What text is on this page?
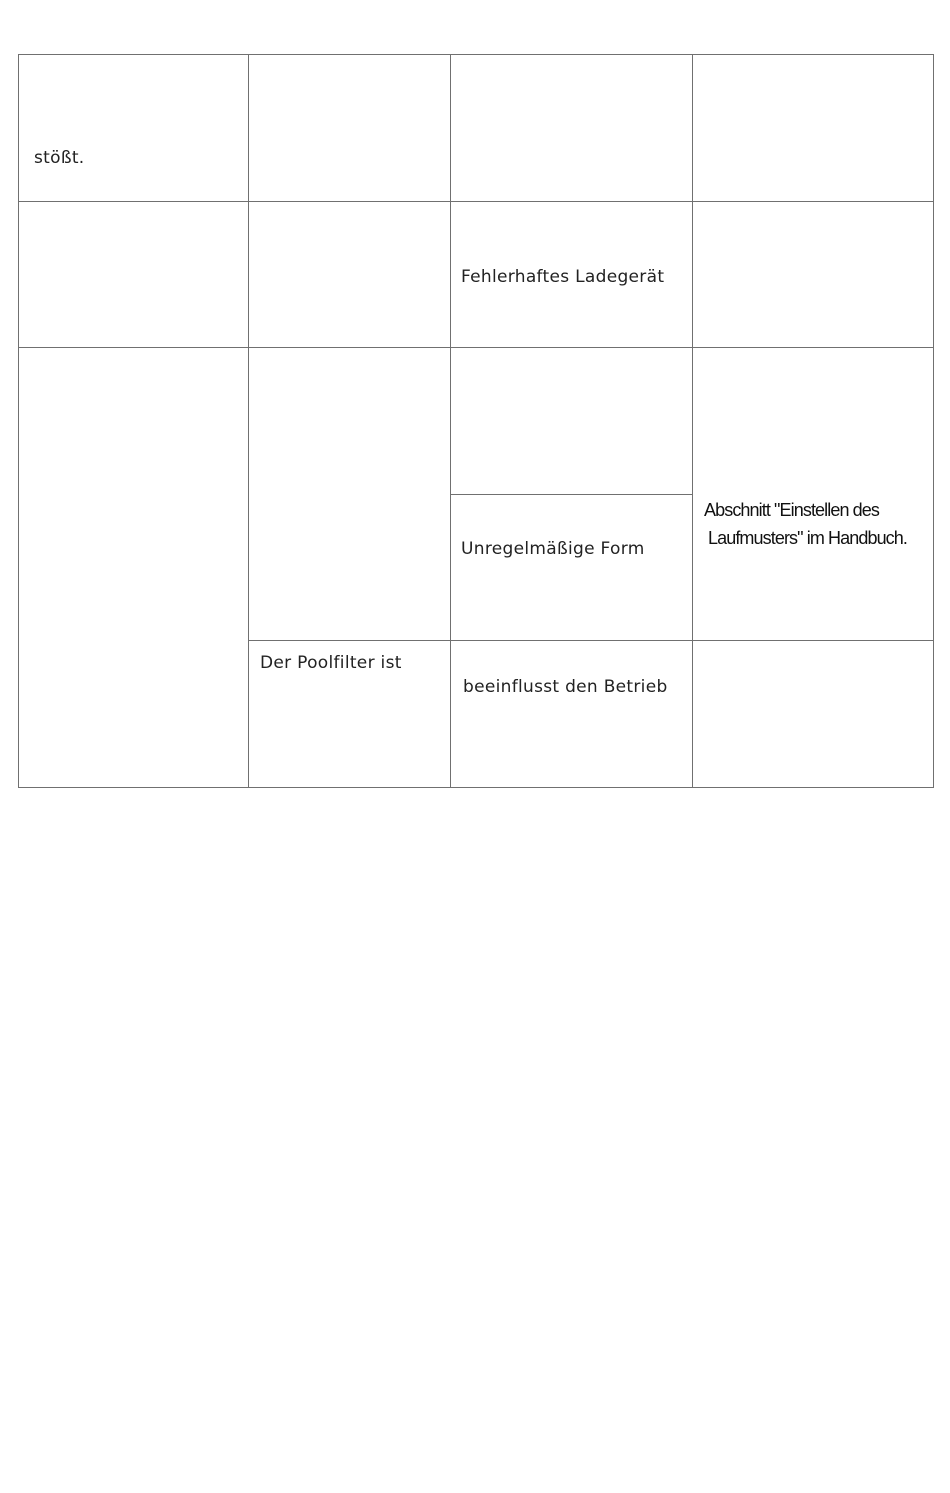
stößt.
Fehlerhaftes Ladegerät
Unregelmäßige Form
Abschnitt "Einstellen des
Laufmusters" im Handbuch.
Der Poolfilter ist
beeinflusst den Betrieb
